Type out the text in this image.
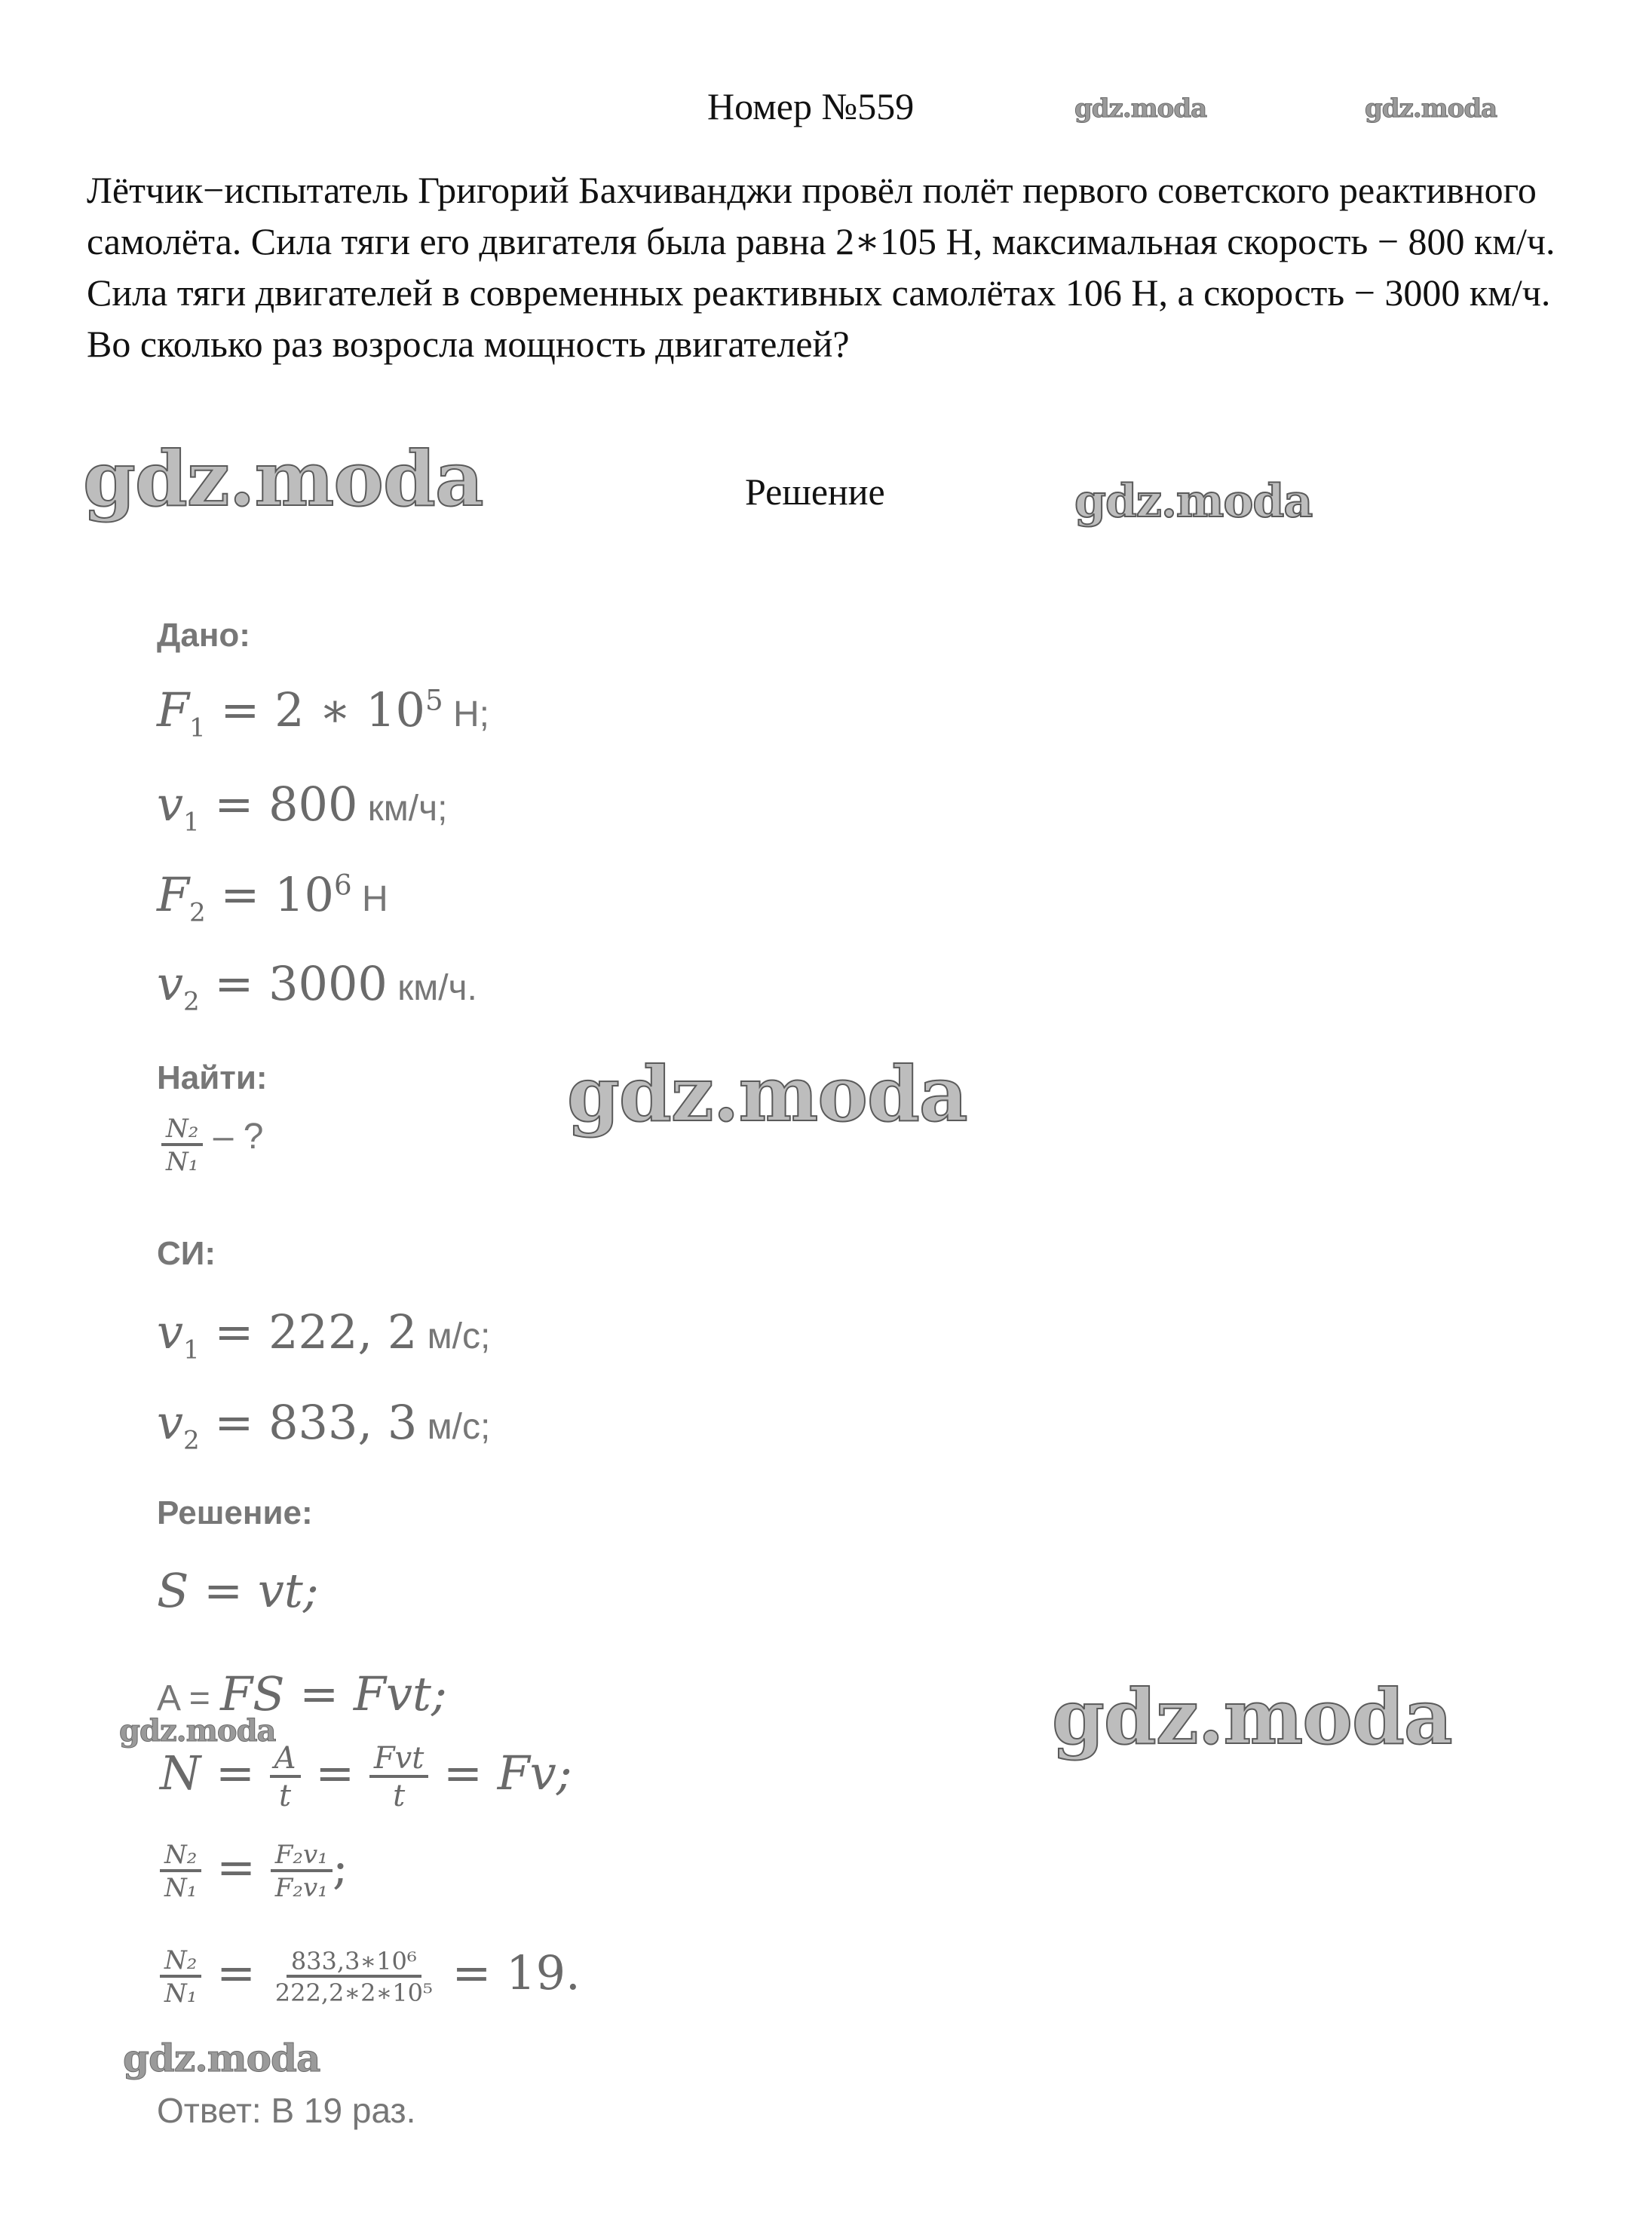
Номер №559	gdz.moda	gdz.moda
Лётчик−испытатель Григорий Бахчиванджи провёл полёт первого советского реактивного самолёта. Сила тяги его двигателя была равна 2∗105 Н, максимальная скорость − 800 км/ч. Сила тяги двигателей в современных реактивных самолётах 106 Н, а скорость − 3000 км/ч. Во сколько раз возросла мощность двигателей?
gdz.moda	Решение	gdz.moda
Дано:
$F_1 = 2$ ∗ $10^5$ Н;
$v_1 = 800$ км/ч;
$F_2 = 10^6$ Н
$v_2 = 3000$ км/ч.
Найти:	gdz.moda
$\frac{\text{N₂}}{\text{N₁}}$ – ?
СИ:
$v_1 = 222$, 2 м/с;
$v_2 = 833$, 3 м/с;
Решение:
S = vt;
A = FS = Fvt;
gdz.moda	gdz.moda
$N = \frac{A}{t} = \frac{\text{Fvt}}{t} = Fv$;
$\frac{\text{N₂}}{\text{N₁}} = \frac{\text{F₂v₁}}{\text{F₂v₁}}$ ;
$\frac{\text{N₂}}{\text{N₁}} = \frac{\text{833,3∗10⁶}}{\text{222,2∗2∗10⁵}} = 19$.
gdz.moda
Ответ: В 19 раз.
